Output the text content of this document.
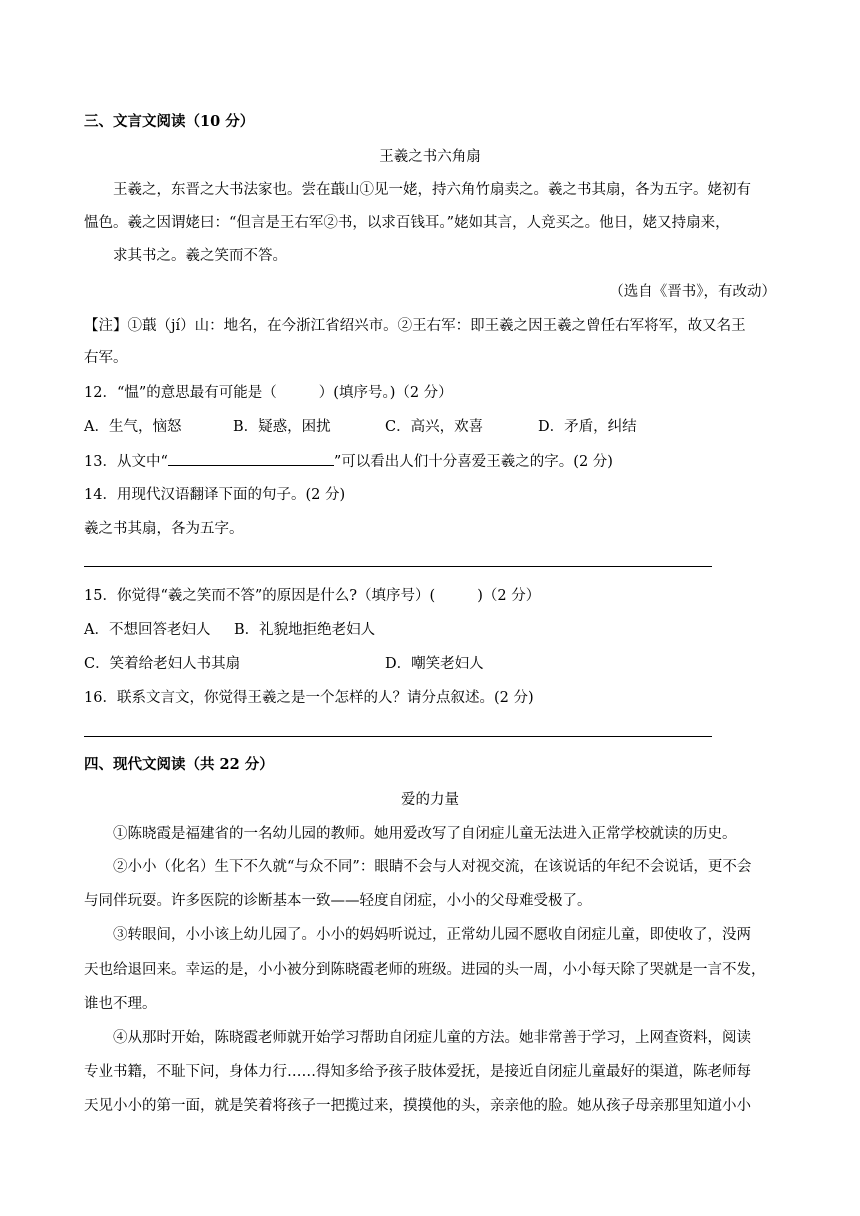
三、文言文阅读（10 分）
王羲之书六角扇
王羲之，东晋之大书法家也。尝在蕺山①见一姥，持六角竹扇卖之。羲之书其扇，各为五字。姥初有
愠色。羲之因谓姥曰：“但言是王右军②书，以求百钱耳。”姥如其言，人竞买之。他日，姥又持扇来，
求其书之。羲之笑而不答。
（选自《晋书》，有改动）
【注】①蕺（jí）山：地名，在今浙江省绍兴市。②王右军：即王羲之因王羲之曾任右军将军，故又名王
右军。
12．“愠”的意思最有可能是（	）(填序号。)（2 分）
A．生气，恼怒	B．疑惑，困扰	C．高兴，欢喜	D．矛盾，纠结
13．从文中“	”可以看出人们十分喜爱王羲之的字。(2 分)
14．用现代汉语翻译下面的句子。(2 分)
羲之书其扇，各为五字。
15．你觉得“羲之笑而不答”的原因是什么?（填序号）(	)（2 分）
A．不想回答老妇人 B．礼貌地拒绝老妇人
C．笑着给老妇人书其扇	D．嘲笑老妇人
16．联系文言文，你觉得王羲之是一个怎样的人？请分点叙述。(2 分)
四、现代文阅读（共 22 分）
爱的力量
①陈晓霞是福建省的一名幼儿园的教师。她用爱改写了自闭症儿童无法进入正常学校就读的历史。
②小小（化名）生下不久就“与众不同”：眼睛不会与人对视交流，在该说话的年纪不会说话，更不会
与同伴玩耍。许多医院的诊断基本一致——轻度自闭症，小小的父母难受极了。
③转眼间，小小该上幼儿园了。小小的妈妈听说过，正常幼儿园不愿收自闭症儿童，即使收了，没两
天也给退回来。幸运的是，小小被分到陈晓霞老师的班级。进园的头一周，小小每天除了哭就是一言不发，
谁也不理。
④从那时开始，陈晓霞老师就开始学习帮助自闭症儿童的方法。她非常善于学习，上网查资料，阅读
专业书籍，不耻下问，身体力行……得知多给予孩子肢体爱抚，是接近自闭症儿童最好的渠道，陈老师每
天见小小的第一面，就是笑着将孩子一把揽过来，摸摸他的头，亲亲他的脸。她从孩子母亲那里知道小小
